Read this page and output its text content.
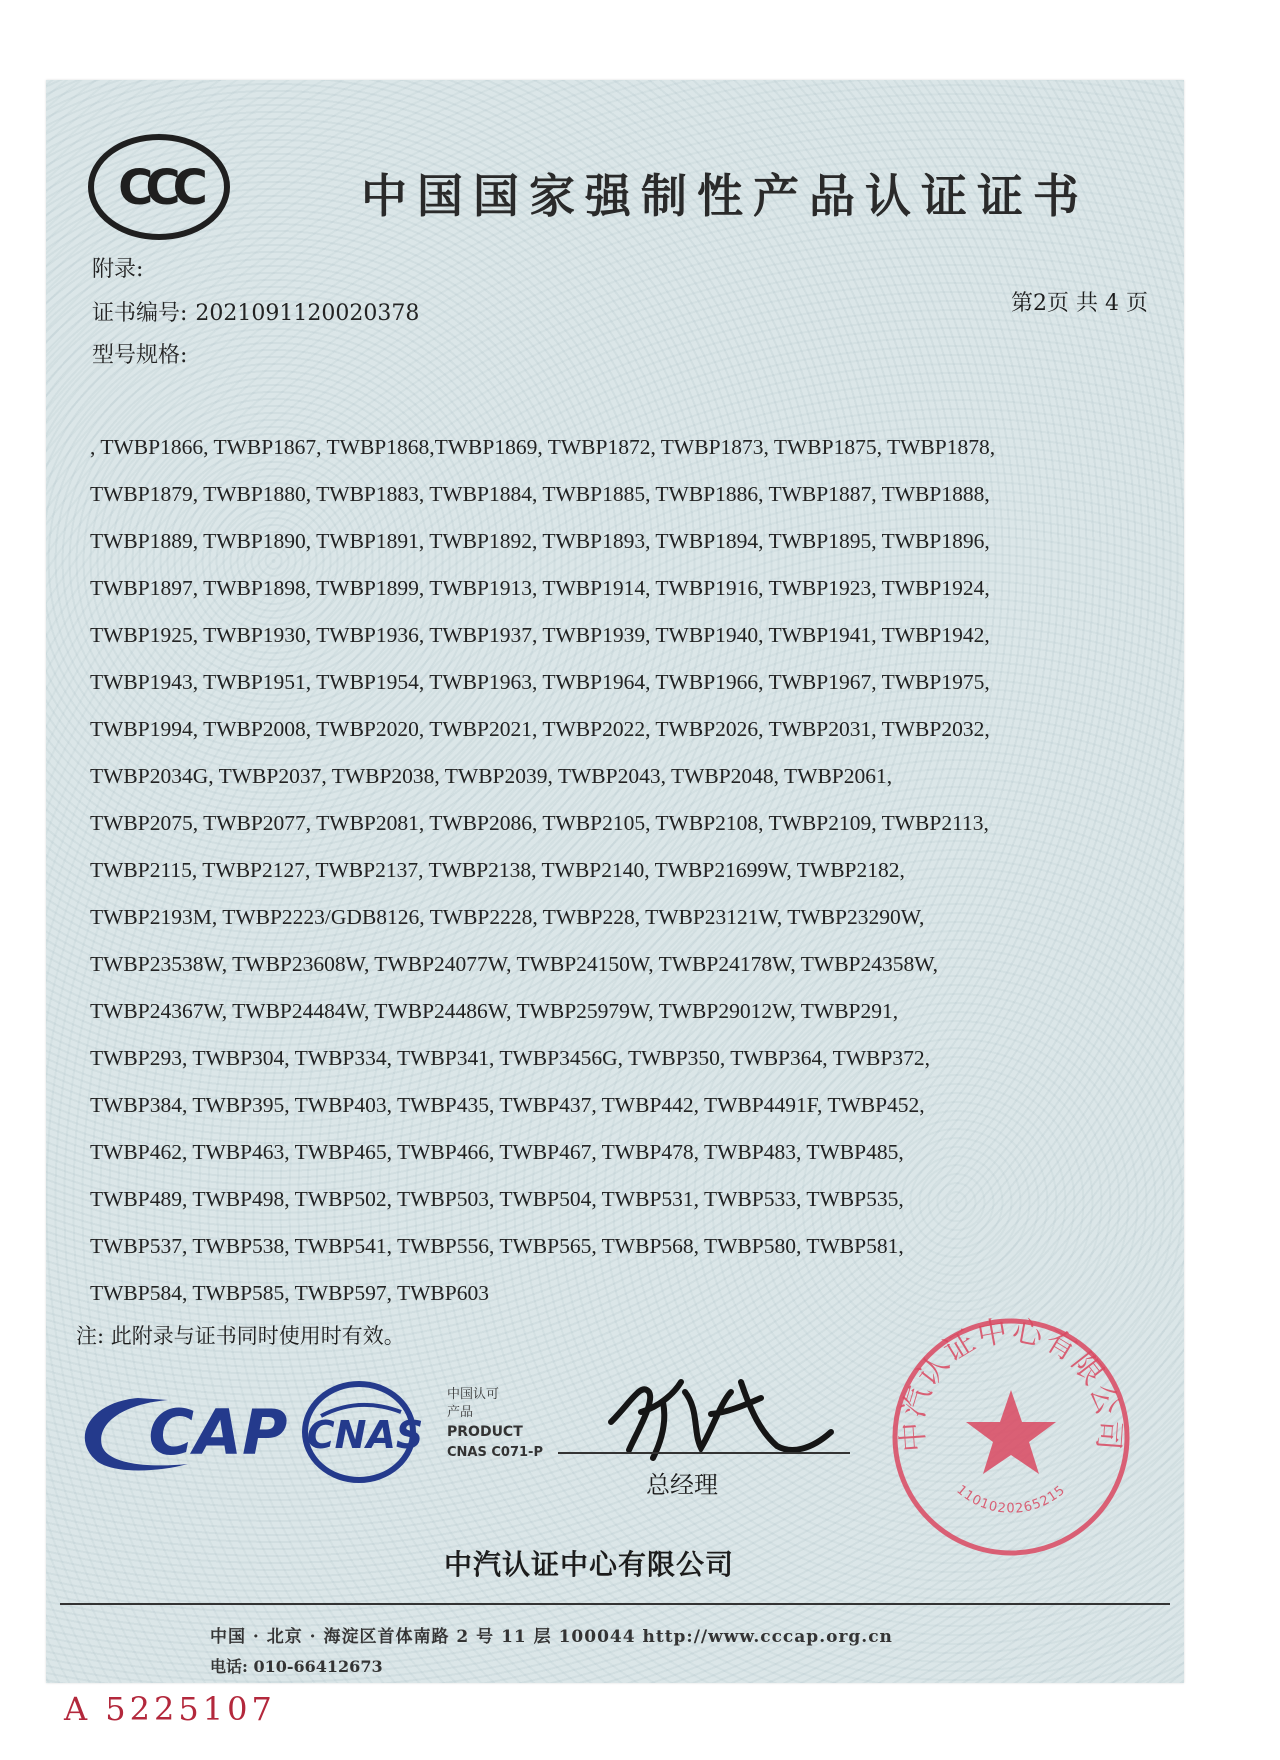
CCC	中国国家强制性产品认证证书
附录:
第2页 共 4 页
证书编号: 2021091120020378
型号规格:
, TWBP1866, TWBP1867, TWBP1868,TWBP1869, TWBP1872, TWBP1873, TWBP1875, TWBP1878,
TWBP1879, TWBP1880, TWBP1883, TWBP1884, TWBP1885, TWBP1886, TWBP1887, TWBP1888,
TWBP1889, TWBP1890, TWBP1891, TWBP1892, TWBP1893, TWBP1894, TWBP1895, TWBP1896,
TWBP1897, TWBP1898, TWBP1899, TWBP1913, TWBP1914, TWBP1916, TWBP1923, TWBP1924,
TWBP1925, TWBP1930, TWBP1936, TWBP1937, TWBP1939, TWBP1940, TWBP1941, TWBP1942,
TWBP1943, TWBP1951, TWBP1954, TWBP1963, TWBP1964, TWBP1966, TWBP1967, TWBP1975,
TWBP1994, TWBP2008, TWBP2020, TWBP2021, TWBP2022, TWBP2026, TWBP2031, TWBP2032,
TWBP2034G, TWBP2037, TWBP2038, TWBP2039, TWBP2043, TWBP2048, TWBP2061,
TWBP2075, TWBP2077, TWBP2081, TWBP2086, TWBP2105, TWBP2108, TWBP2109, TWBP2113,
TWBP2115, TWBP2127, TWBP2137, TWBP2138, TWBP2140, TWBP21699W, TWBP2182,
TWBP2193M, TWBP2223/GDB8126, TWBP2228, TWBP228, TWBP23121W, TWBP23290W,
TWBP23538W, TWBP23608W, TWBP24077W, TWBP24150W, TWBP24178W, TWBP24358W,
TWBP24367W, TWBP24484W, TWBP24486W, TWBP25979W, TWBP29012W, TWBP291,
TWBP293, TWBP304, TWBP334, TWBP341, TWBP3456G, TWBP350, TWBP364, TWBP372,
TWBP384, TWBP395, TWBP403, TWBP435, TWBP437, TWBP442, TWBP4491F, TWBP452,
TWBP462, TWBP463, TWBP465, TWBP466, TWBP467, TWBP478, TWBP483, TWBP485,
TWBP489, TWBP498, TWBP502, TWBP503, TWBP504, TWBP531, TWBP533, TWBP535,
TWBP537, TWBP538, TWBP541, TWBP556, TWBP565, TWBP568, TWBP580, TWBP581,
TWBP584, TWBP585, TWBP597, TWBP603
注: 此附录与证书同时使用时有效。
CAP CNAS
中国认可
产品
PRODUCT
CNAS C071-P
总经理
中汽认证中心有限公司
1101020265215
中汽认证中心有限公司
中国 · 北京 · 海淀区首体南路 2 号 11 层 100044 http://www.cccap.org.cn
电话: 010-66412673
A 5225107
